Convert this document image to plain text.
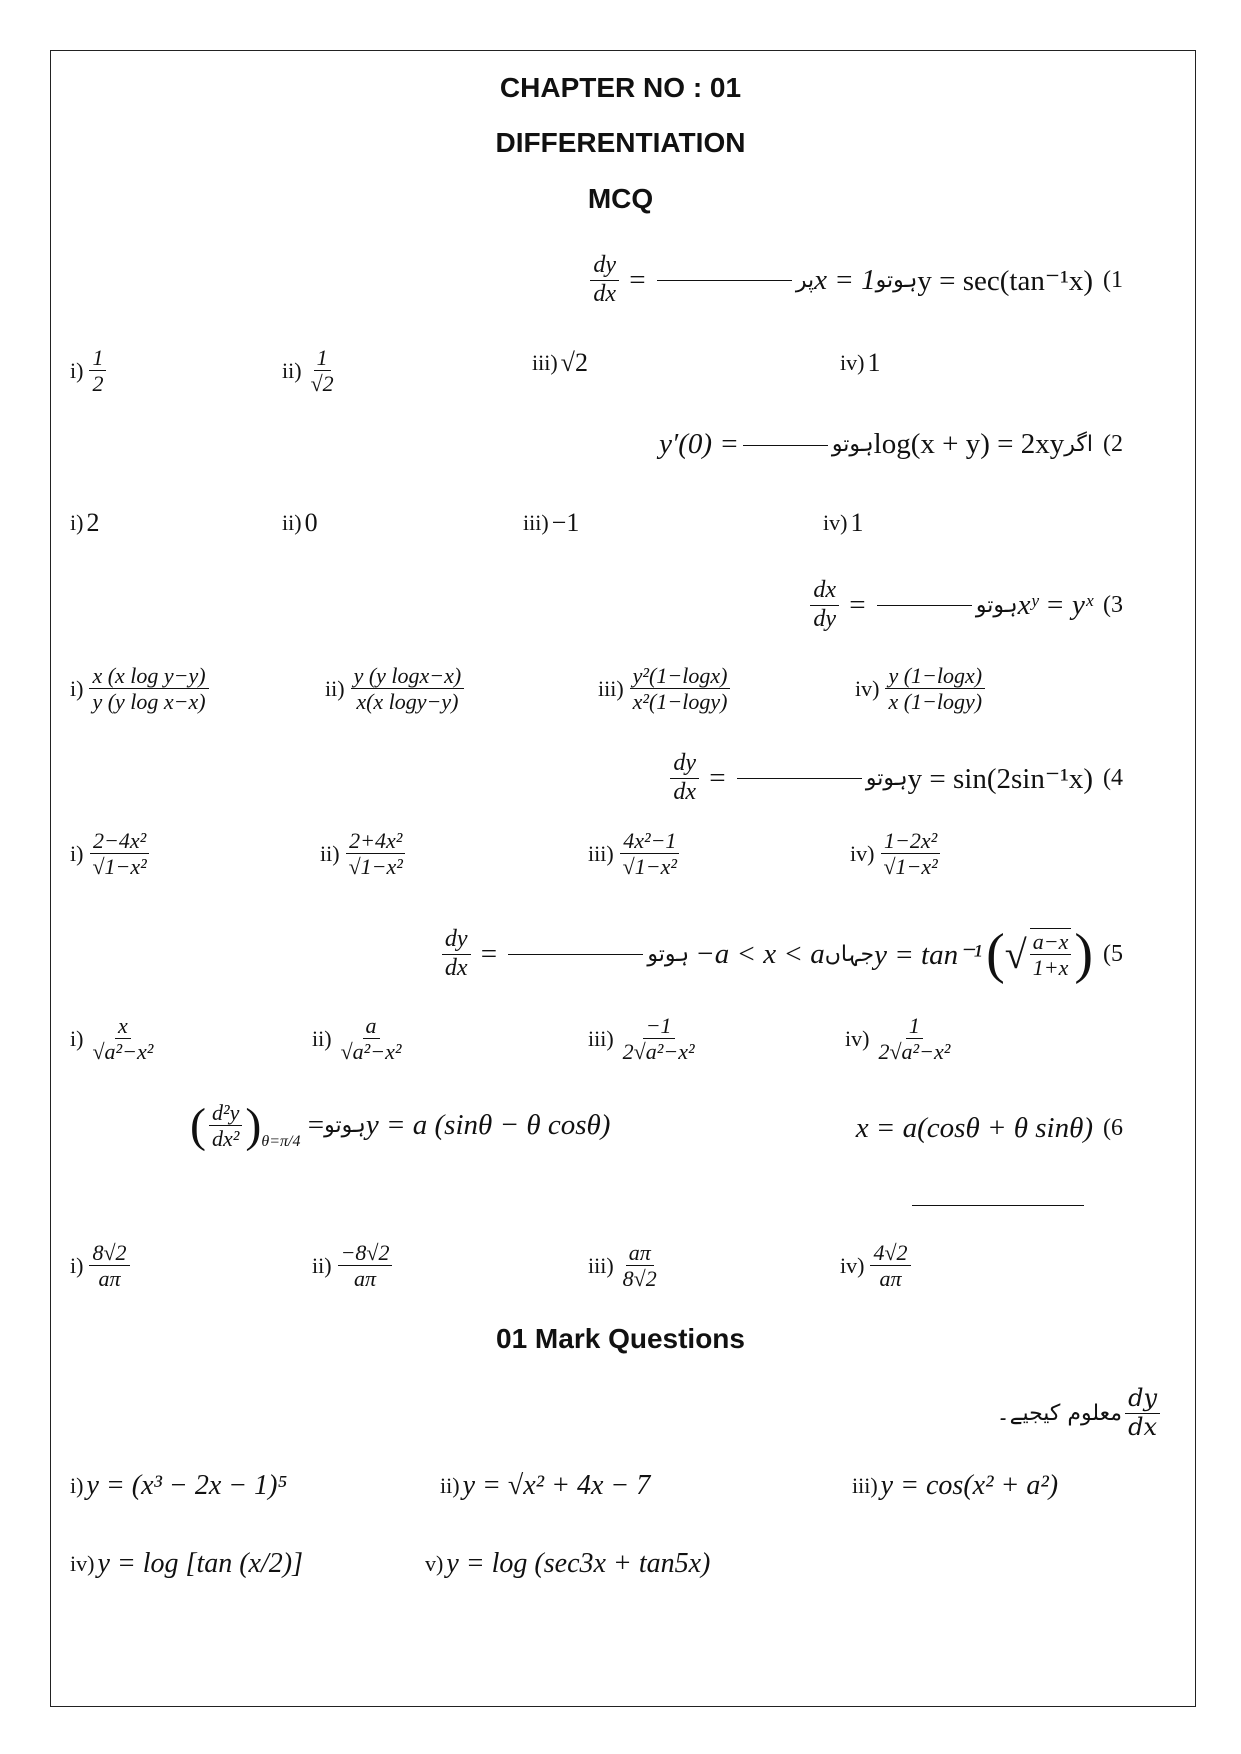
CHAPTER NO : 01
DIFFERENTIATION
MCQ
$\frac{dy}{dx}$ =	پر x = 1 ہوتو y = sec(tan⁻¹x) (1
$i) \frac{1}{2}$	$ii) \frac{1}{√2}$	iii) √2	iv) 1
y′(0) =	ہوتو log(x + y) = 2xy اگر (2
i) 2	ii) 0	iii) −1	iv) 1
$\frac{dx}{dy}$ =	ہوتو xʸ = yˣ (3
$i) \frac{\text{x (x log y−y)}}{\text{y (y log x−x)}}$	$ii) \frac{\text{y (y logx−x)}}{\text{x(x logy−y)}}$	$iii) \frac{\text{y²(1−logx)}}{\text{x²(1−logy)}}$	$iv) \frac{y (1-\log x)}{x (1-\log y)}$
$\frac{dy}{dx}$ =	ہوتو y = sin(2sin⁻¹x) (4
$i) \frac{\text{2−4x²}}{\text{√1−x²}}$	$ii) \frac{\text{2+4x²}}{\text{√1−x²}}$	$iii) \frac{\text{4x²−1}}{\text{√1−x²}}$	$iv) \frac{\text{1−2x²}}{\text{√1−x²}}$
$\frac{dy}{dx}$ =	ہوتو −a < x < a جہاں y = tan⁻¹ ( √ $\frac{a-x}{1+x}$ ) (5
$i) \frac{x}{\text{√a²−x²}}$	$ii) \frac{a}{\text{√a²−x²}}$	$iii) \frac{-1}{\text{2√a²−x²}}$	$iv) \frac{1}{\text{2√a²−x²}}$
( $\frac{\text{d²y}}{\text{dx²}}$ ) θ=π/4
= ہوتو y = a (sinθ − θ cosθ)	x = a(cosθ + θ sinθ) (6
$i) \frac{8√2}{a\pi}$	$ii) \frac{-8√2}{a\pi}$	$iii) \frac{a\pi}{8√2}$	$iv) \frac{4√2}{a\pi}$
01 Mark Questions
معلوم کیجیے۔ $\frac{dy}{dx}$
i) y = (x³ − 2x − 1)⁵	ii) y = √x² + 4x − 7	iii) y = cos(x² + a²)
iv) y = log [tan (x/2)]	v) y = log (sec3x + tan5x)
